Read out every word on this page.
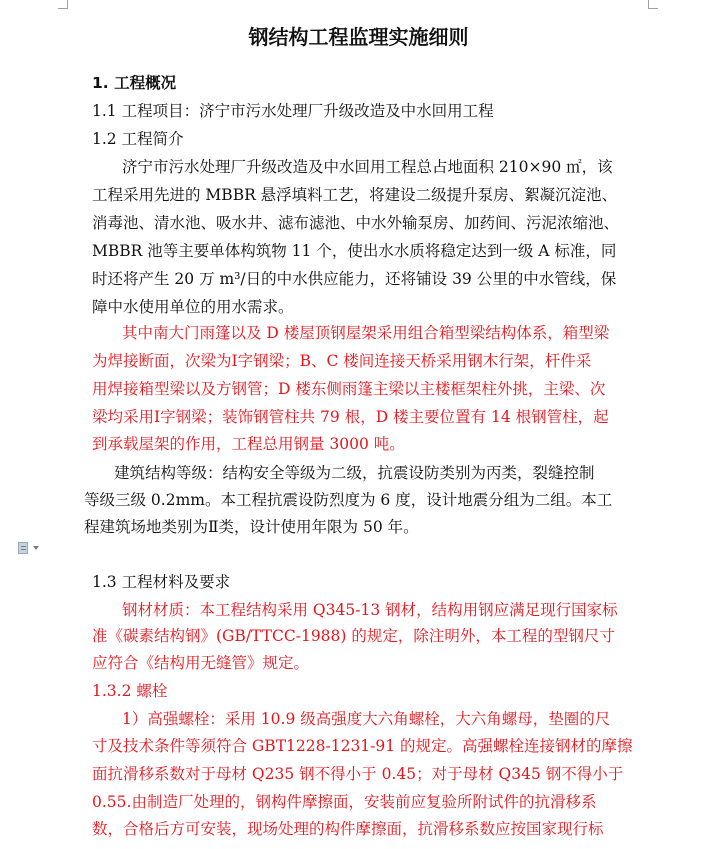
钢结构工程监理实施细则
1. 工程概况
1.1 工程项目：济宁市污水处理厂升级改造及中水回用工程
1.2 工程简介
济宁市污水处理厂升级改造及中水回用工程总占地面积 210×90 ㎡，该
工程采用先进的 MBBR 悬浮填料工艺，将建设二级提升泵房、絮凝沉淀池、
消毒池、清水池、吸水井、滤布滤池、中水外输泵房、加药间、污泥浓缩池、
MBBR 池等主要单体构筑物 11 个，使出水水质将稳定达到一级 A 标准，同
时还将产生 20 万 m³/日的中水供应能力，还将铺设 39 公里的中水管线，保
障中水使用单位的用水需求。
其中南大门雨篷以及 D 楼屋顶钢屋架采用组合箱型梁结构体系，箱型梁
为焊接断面，次梁为Ⅰ字钢梁；B、C 楼间连接天桥采用钢木行架，杆件采
用焊接箱型梁以及方钢管；D 楼东侧雨篷主梁以主楼框架柱外挑，主梁、次
梁均采用Ⅰ字钢梁；装饰钢管柱共 79 根，D 楼主要位置有 14 根钢管柱，起
到承载屋架的作用，工程总用钢量 3000 吨。
建筑结构等级：结构安全等级为二级，抗震设防类别为丙类，裂缝控制
等级三级 0.2mm。本工程抗震设防烈度为 6 度，设计地震分组为二组。本工
程建筑场地类别为Ⅱ类，设计使用年限为 50 年。
1.3 工程材料及要求
钢材材质：本工程结构采用 Q345-13 钢材，结构用钢应满足现行国家标
准《碳素结构钢》(GB/TTCC-1988) 的规定，除注明外，本工程的型钢尺寸
应符合《结构用无缝管》规定。
1.3.2 螺栓
1）高强螺栓：采用 10.9 级高强度大六角螺栓，大六角螺母，垫圈的尺
寸及技术条件等须符合 GBT1228-1231-91 的规定。高强螺栓连接钢材的摩擦
面抗滑移系数对于母材 Q235 钢不得小于 0.45；对于母材 Q345 钢不得小于
0.55.由制造厂处理的，钢构件摩擦面，安装前应复验所附试件的抗滑移系
数，合格后方可安装，现场处理的构件摩擦面，抗滑移系数应按国家现行标
